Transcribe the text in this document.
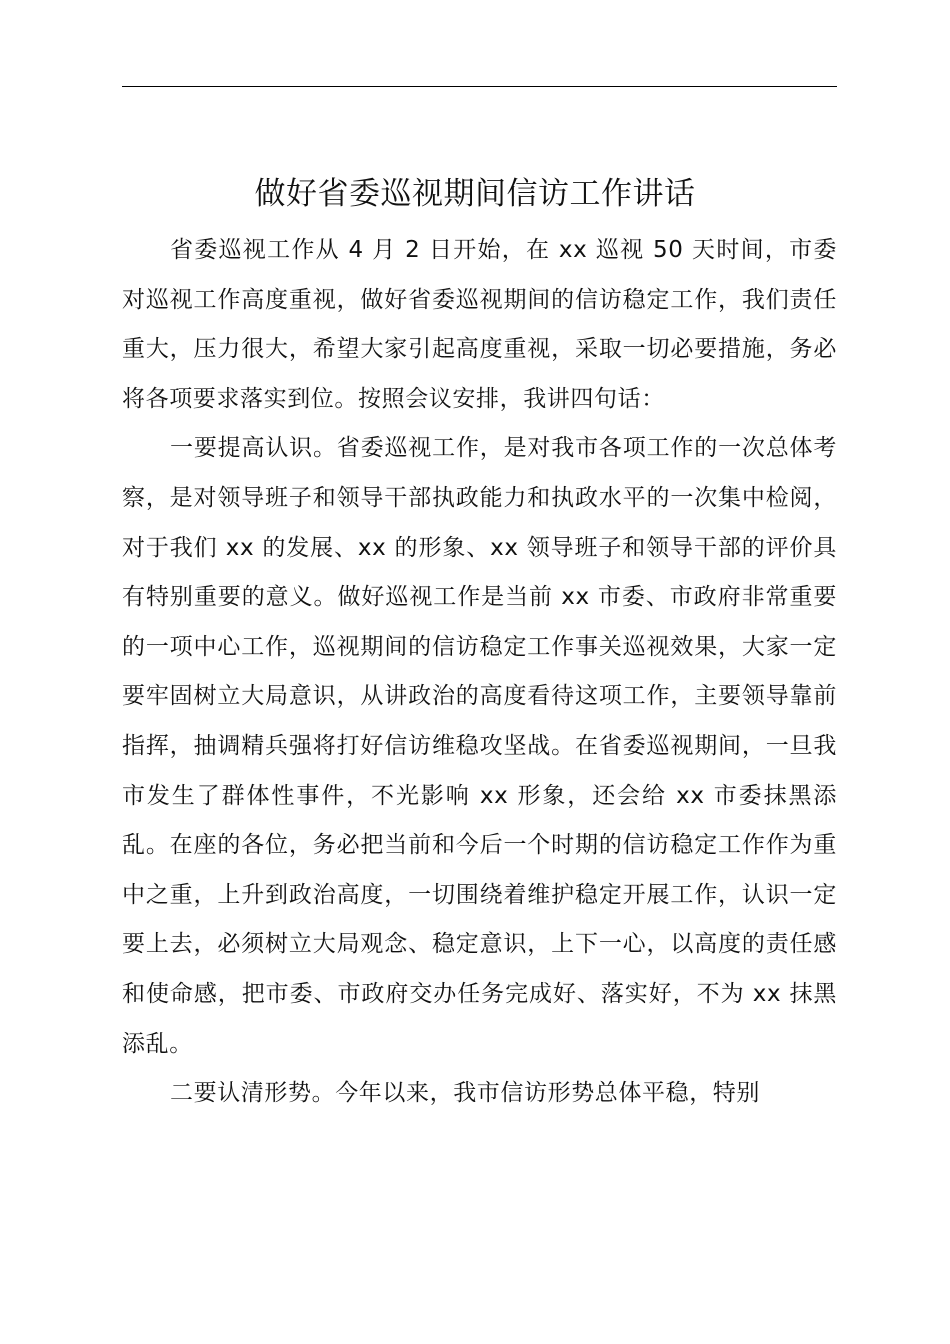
做好省委巡视期间信访工作讲话

省委巡视工作从 4 月 2 日开始，在 xx 巡视 50 天时间，市委对巡视工作高度重视，做好省委巡视期间的信访稳定工作，我们责任重大，压力很大，希望大家引起高度重视，采取一切必要措施，务必将各项要求落实到位。按照会议安排，我讲四句话：

一要提高认识。省委巡视工作，是对我市各项工作的一次总体考察，是对领导班子和领导干部执政能力和执政水平的一次集中检阅，对于我们 xx 的发展、xx 的形象、xx 领导班子和领导干部的评价具有特别重要的意义。做好巡视工作是当前 xx 市委、市政府非常重要的一项中心工作，巡视期间的信访稳定工作事关巡视效果，大家一定要牢固树立大局意识，从讲政治的高度看待这项工作，主要领导靠前指挥，抽调精兵强将打好信访维稳攻坚战。在省委巡视期间，一旦我市发生了群体性事件，不光影响 xx 形象，还会给 xx 市委抹黑添乱。在座的各位，务必把当前和今后一个时期的信访稳定工作作为重中之重，上升到政治高度，一切围绕着维护稳定开展工作，认识一定要上去，必须树立大局观念、稳定意识，上下一心，以高度的责任感和使命感，把市委、市政府交办任务完成好、落实好，不为 xx 抹黑添乱。

二要认清形势。今年以来，我市信访形势总体平稳，特别
